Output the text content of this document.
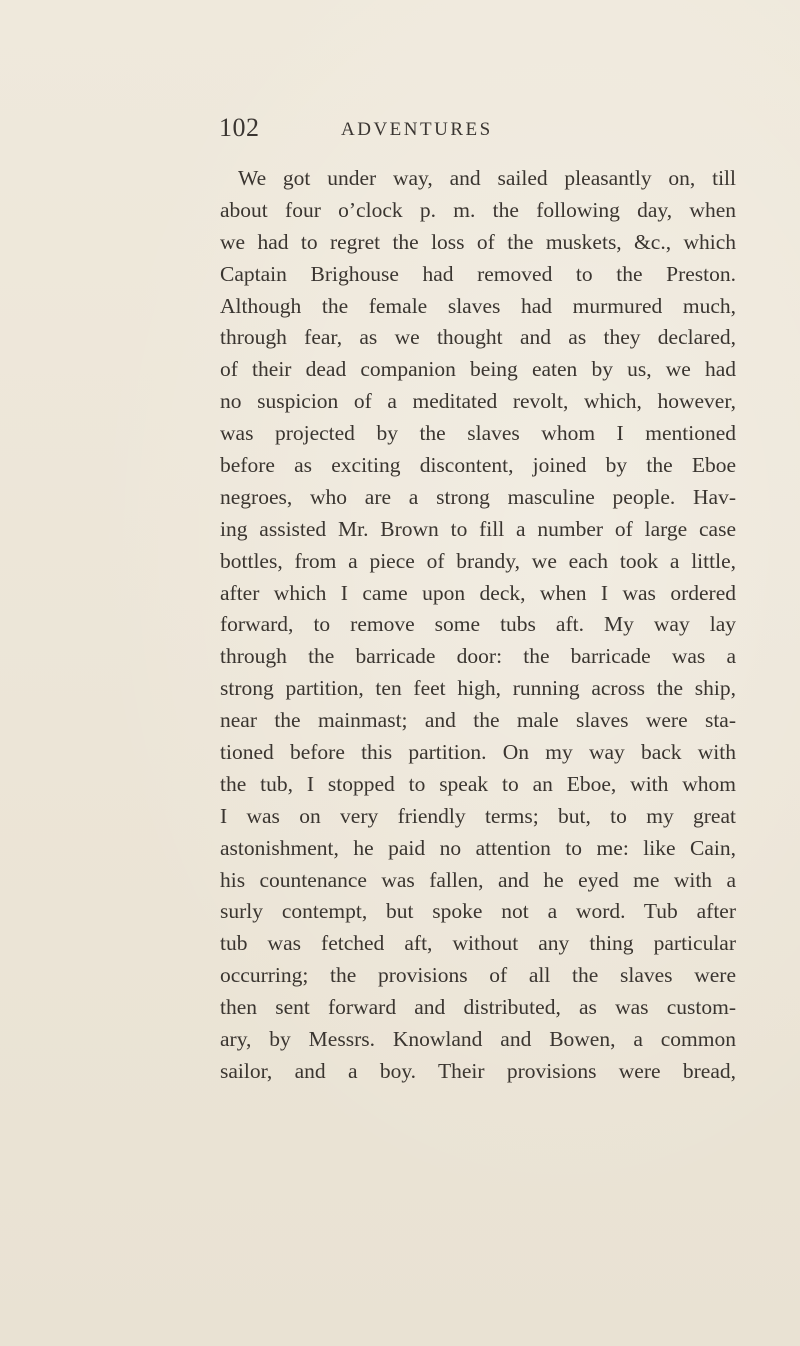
102	ADVENTURES
We got under way, and sailed pleasantly on, till
about four o’clock p. m. the following day, when
we had to regret the loss of the muskets, &c., which
Captain Brighouse had removed to the Preston.
Although the female slaves had murmured much,
through fear, as we thought and as they declared,
of their dead companion being eaten by us, we had
no suspicion of a meditated revolt, which, however,
was projected by the slaves whom I mentioned
before as exciting discontent, joined by the Eboe
negroes, who are a strong masculine people. Hav-
ing assisted Mr. Brown to fill a number of large case
bottles, from a piece of brandy, we each took a little,
after which I came upon deck, when I was ordered
forward, to remove some tubs aft. My way lay
through the barricade door: the barricade was a
strong partition, ten feet high, running across the ship,
near the mainmast; and the male slaves were sta-
tioned before this partition. On my way back with
the tub, I stopped to speak to an Eboe, with whom
I was on very friendly terms; but, to my great
astonishment, he paid no attention to me: like Cain,
his countenance was fallen, and he eyed me with a
surly contempt, but spoke not a word. Tub after
tub was fetched aft, without any thing particular
occurring; the provisions of all the slaves were
then sent forward and distributed, as was custom-
ary, by Messrs. Knowland and Bowen, a common
sailor, and a boy. Their provisions were bread,
